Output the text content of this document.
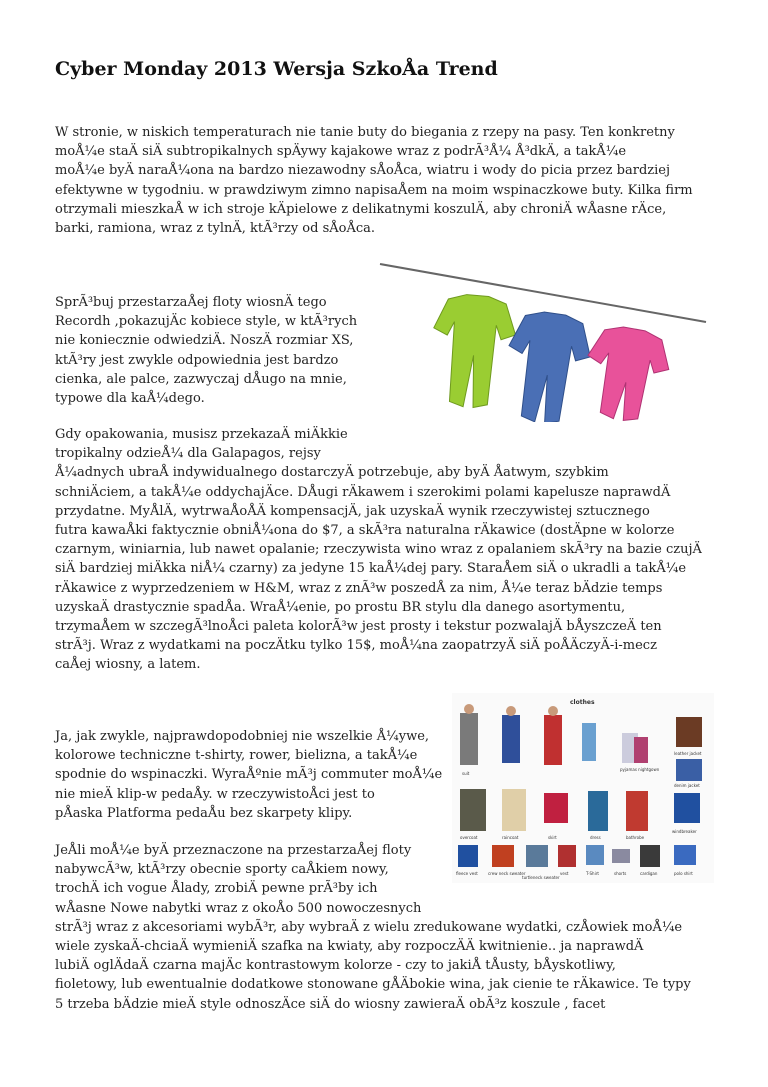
Cyber Monday 2013 Wersja SzkoÅa Trend
W stronie, w niskich temperaturach nie tanie buty do biegania z rzepy na pasy. Ten konkretny
moÅ¼e staÄ siÄ subtropikalnych spÄywy kajakowe wraz z podrÃ³Å¼ Å³dkÄ, a takÅ¼e
moÅ¼e byÄ naraÅ¼ona na bardzo niezawodny sÅoÅca, wiatru i wody do picia przez bardziej
efektywne w tygodniu. w prawdziwym zimno napisaÅem na moim wspinaczkowe buty. Kilka firm
otrzymali mieszkaÅ w ich stroje kÄpielowe z delikatnymi koszulÄ, aby chroniÄ wÅasne rÄce,
barki, ramiona, wraz z tylnÄ, ktÃ³rzy od sÅoÅca.
SprÃ³buj przestarzaÅej floty wiosnÄ tego
Recordh ,pokazujÄc kobiece style, w ktÃ³rych
nie koniecznie odwiedziÄ. NoszÄ rozmiar XS,
ktÃ³ry jest zwykle odpowiednia jest bardzo
cienka, ale palce, zazwyczaj dÅugo na mnie,
typowe dla kaÅ¼dego.
Gdy opakowania, musisz przekazaÄ miÄkkie
tropikalny odzieÅ¼ dla Galapagos, rejsy
Å¼adnych ubraÅ indywidualnego dostarczyÄ potrzebuje, aby byÄ Åatwym, szybkim
schniÄciem, a takÅ¼e oddychajÄce. DÅugi rÄkawem i szerokimi polami kapelusze naprawdÄ
przydatne. MyÅlÄ, wytrwaÅoÅÄ kompensacjÄ, jak uzyskaÄ wynik rzeczywistej sztucznego
futra kawaÅki faktycznie obniÅ¼ona do $7, a skÃ³ra naturalna rÄkawice (dostÄpne w kolorze
czarnym, winiarnia, lub nawet opalanie; rzeczywista wino wraz z opalaniem skÃ³ry na bazie czujÄ
siÄ bardziej miÄkka niÅ¼ czarny) za jedyne 15 kaÅ¼dej pary. StaraÅem siÄ o ukradli a takÅ¼e
rÄkawice z wyprzedzeniem w H&M, wraz z znÃ³w poszedÅ za nim, Å¼e teraz bÄdzie temps
uzyskaÄ drastycznie spadÅa. WraÅ¼enie, po prostu BR stylu dla danego asortymentu,
trzymaÅem w szczegÃ³lnoÅci paleta kolorÃ³w jest prosty i tekstur pozwalajÄ bÅyszczeÄ ten
strÃ³j. Wraz z wydatkami na poczÄtku tylko 15$, moÅ¼na zaopatrzyÄ siÄ poÅÄczyÄ-i-mecz
caÅej wiosny, a latem.
clothes
suit
pyjamas nightgown
leather jacket
denim jacket
overcoat	raincoat	skirt	dress	bathrobe
windbreaker
fleece vest	crew neck sweater
turtleneck sweater
vest	T-Shirt	shorts	cardigan	polo shirt
Ja, jak zwykle, najprawdopodobniej nie wszelkie Å¼ywe,
kolorowe techniczne t-shirty, rower, bielizna, a takÅ¼e
spodnie do wspinaczki. WyraÅºnie mÃ³j commuter moÅ¼e
nie mieÄ klip-w pedaÅy. w rzeczywistoÅci jest to
pÅaska Platforma pedaÅu bez skarpety klipy.
JeÅli moÅ¼e byÄ przeznaczone na przestarzaÅej floty
nabywcÃ³w, ktÃ³rzy obecnie sporty caÅkiem nowy,
trochÄ ich vogue Ålady, zrobiÄ pewne prÃ³by ich
wÅasne Nowe nabytki wraz z okoÅo 500 nowoczesnych
strÃ³j wraz z akcesoriami wybÃ³r, aby wybraÄ z wielu zredukowane wydatki, czÅowiek moÅ¼e
wiele zyskaÄ-chciaÄ wymieniÄ szafka na kwiaty, aby rozpoczÄÄ kwitnienie.. ja naprawdÄ
lubiÄ oglÄdaÄ czarna majÄc kontrastowym kolorze - czy to jakiÅ tÅusty, bÅyskotliwy,
fioletowy, lub ewentualnie dodatkowe stonowane gÅÄbokie wina, jak cienie te rÄkawice. Te typy
5 trzeba bÄdzie mieÄ style odnoszÄce siÄ do wiosny zawieraÄ obÃ³z koszule , facet
